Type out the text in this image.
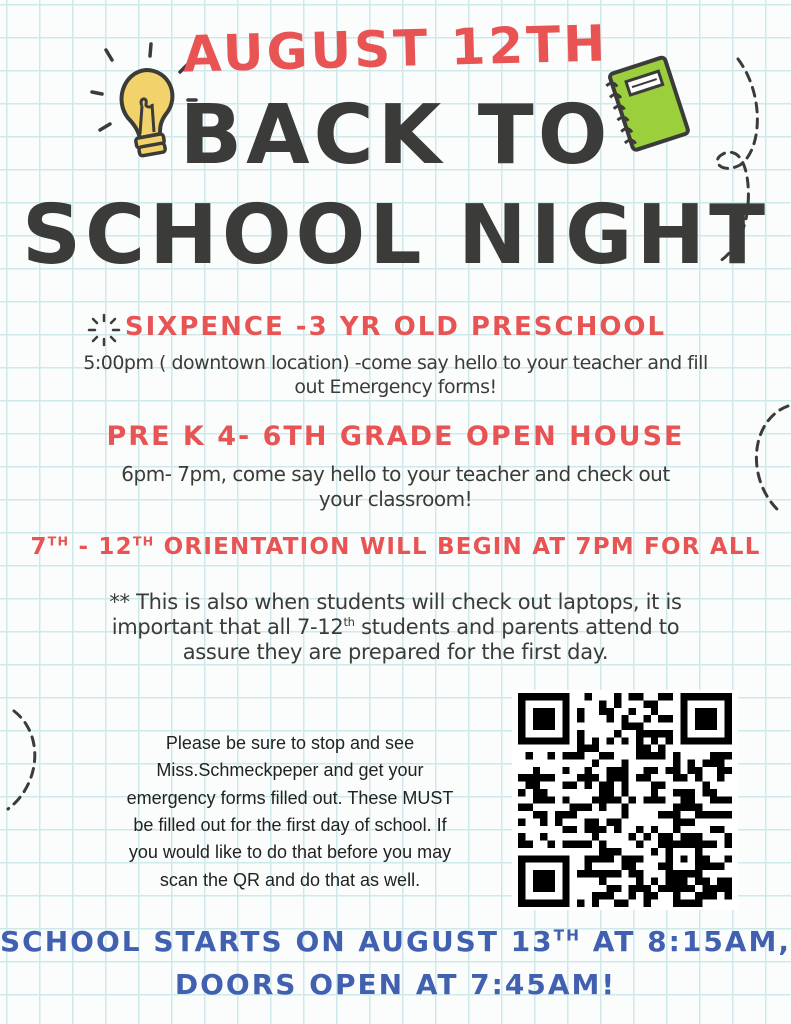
AUGUST 12TH
BACK TO
SCHOOL NIGHT
SIXPENCE -3 YR OLD PRESCHOOL
5:00pm ( downtown location) -come say hello to your teacher and fill
out Emergency forms!
PRE K 4- 6TH GRADE OPEN HOUSE
6pm- 7pm, come say hello to your teacher and check out
your classroom!
7TH - 12TH ORIENTATION WILL BEGIN AT 7PM FOR ALL
** This is also when students will check out laptops, it is
important that all 7-12th students and parents attend to
assure they are prepared for the first day.
Please be sure to stop and see
Miss.Schmeckpeper and get your
emergency forms filled out. These MUST
be filled out for the first day of school. If
you would like to do that before you may
scan the QR and do that as well.
SCHOOL STARTS ON AUGUST 13TH AT 8:15AM,
DOORS OPEN AT 7:45AM!
